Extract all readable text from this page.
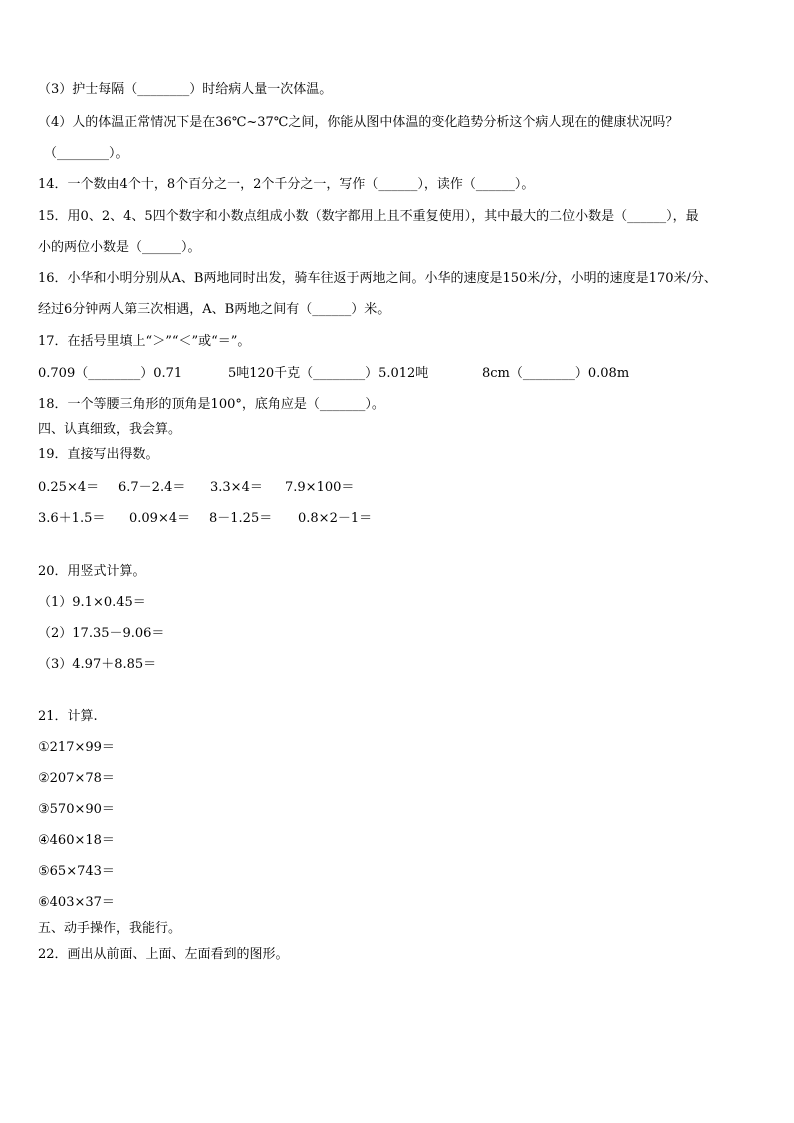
（3）护士每隔（________）时给病人量一次体温。
（4）人的体温正常情况下是在36℃~37℃之间，你能从图中体温的变化趋势分析这个病人现在的健康状况吗？
（________）。
14．一个数由4个十，8个百分之一，2个千分之一，写作（______），读作（______）。
15．用0、2、4、5四个数字和小数点组成小数（数字都用上且不重复使用），其中最大的二位小数是（______），最
小的两位小数是（______）。
16．小华和小明分别从A、B两地同时出发，骑车往返于两地之间。小华的速度是150米/分，小明的速度是170米/分、
经过6分钟两人第三次相遇，A、B两地之间有（______）米。
17．在括号里填上“＞”“＜”或“＝”。
0.709（________）0.71	5吨120千克（________）5.012吨	8cm（________）0.08m
18．一个等腰三角形的顶角是100°，底角应是（_______）。
四、认真细致，我会算。
19．直接写出得数。
0.25×4＝ 6.7－2.4＝ 3.3×4＝ 7.9×100＝
3.6＋1.5＝ 0.09×4＝ 8－1.25＝ 0.8×2－1＝
20．用竖式计算。
（1）9.1×0.45＝
（2）17.35－9.06＝
（3）4.97＋8.85＝
21．计算.
①217×99＝
②207×78＝
③570×90＝
④460×18＝
⑤65×743＝
⑥403×37＝
五、动手操作，我能行。
22．画出从前面、上面、左面看到的图形。
